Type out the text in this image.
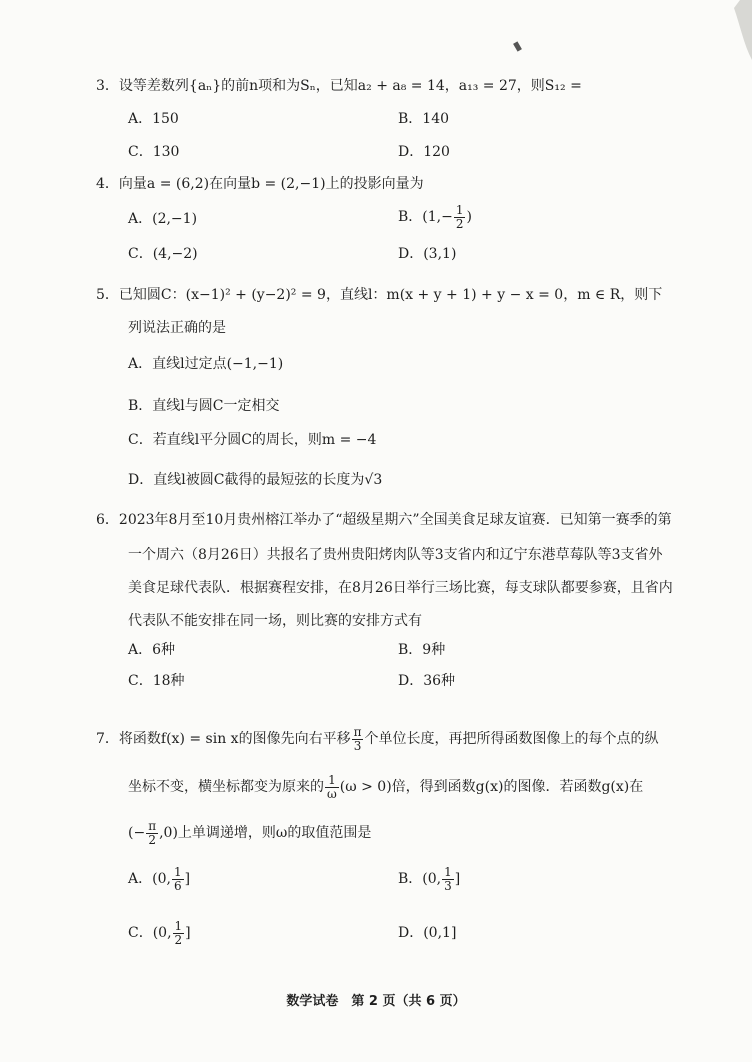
3．设等差数列{aₙ}的前n项和为Sₙ，已知a₂ + a₈ = 14，a₁₃ = 27，则S₁₂ =
A．150	B．140
C．130	D．120
4．向量a = (6,2)在向量b = (2,−1)上的投影向量为
A．(2,−1)	B．($1,- \frac{1}{2}$ )
C．(4,−2)	D．(3,1)
5．已知圆C：(x−1)² + (y−2)² = 9，直线l：m(x + y + 1) + y − x = 0，m ∈ R，则下
列说法正确的是
A．直线l过定点(−1,−1)
B．直线l与圆C一定相交
C．若直线l平分圆C的周长，则m = −4
D．直线l被圆C截得的最短弦的长度为√3
6．2023年8月至10月贵州榕江举办了“超级星期六”全国美食足球友谊赛．已知第一赛季的第
一个周六（8月26日）共报名了贵州贵阳烤肉队等3支省内和辽宁东港草莓队等3支省外
美食足球代表队．根据赛程安排，在8月26日举行三场比赛，每支球队都要参赛，且省内
代表队不能安排在同一场，则比赛的安排方式有
A．6种	B．9种
C．18种	D．36种
7．将函数f(x) = sin x的图像先向右平移 $\frac{\pi}{3}$ 个单位长度，再把所得函数图像上的每个点的纵
坐标不变，横坐标都变为原来的 $\frac{1}{\omega} (\omega > 0)$倍，得到函数g(x)的图像．若函数g(x)在
(− $\frac{\pi}{2} ,0$)上单调递增，则ω的取值范围是
A．(0, $\frac{1}{6}$ ]	B．(0, $\frac{1}{3}$ ]
C．(0, $\frac{1}{2}$ ]	D．(0,1]
数学试卷　第 2 页（共 6 页）
